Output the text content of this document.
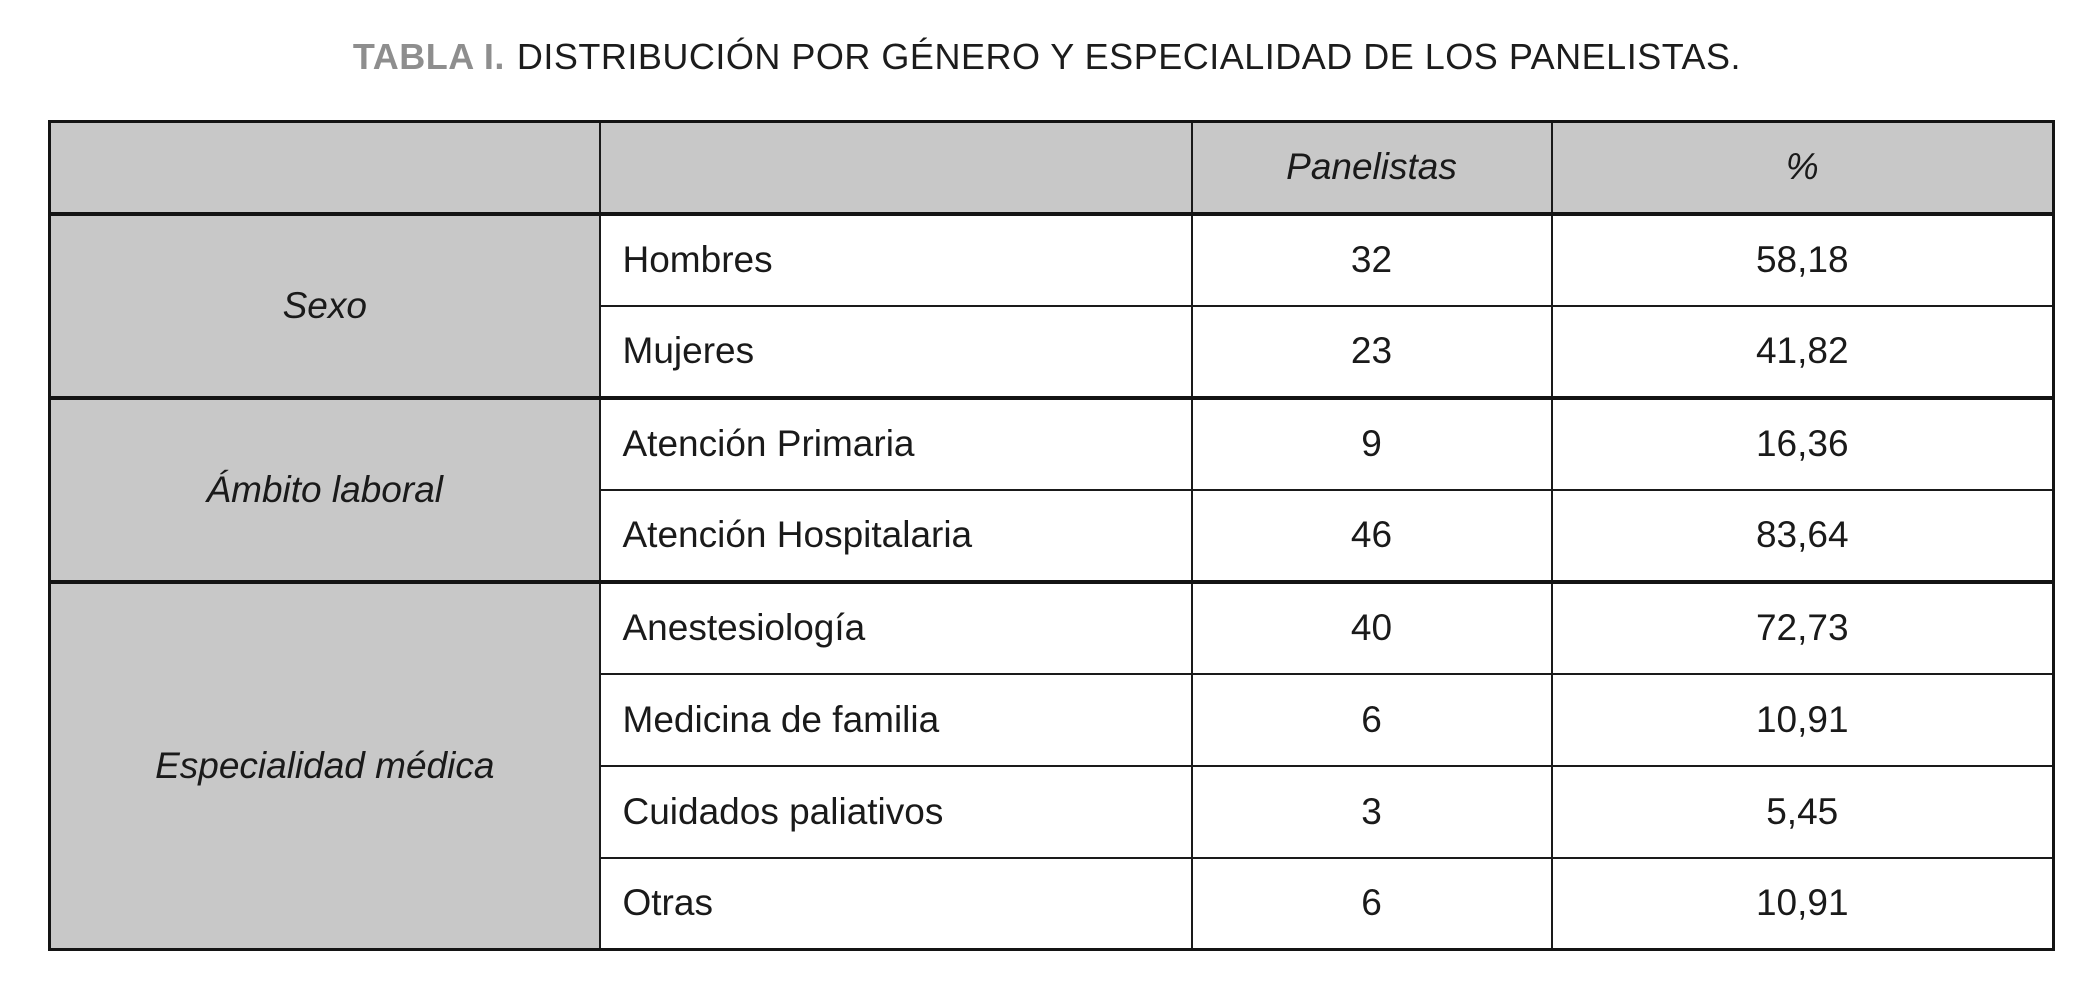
TABLA I. DISTRIBUCIÓN POR GÉNERO Y ESPECIALIDAD DE LOS PANELISTAS.
		Panelistas	%
Sexo	Hombres	32	58,18
	Mujeres	23	41,82
Ámbito laboral	Atención Primaria	9	16,36
	Atención Hospitalaria	46	83,64
Especialidad médica	Anestesiología	40	72,73
	Medicina de familia	6	10,91
	Cuidados paliativos	3	5,45
	Otras	6	10,91
